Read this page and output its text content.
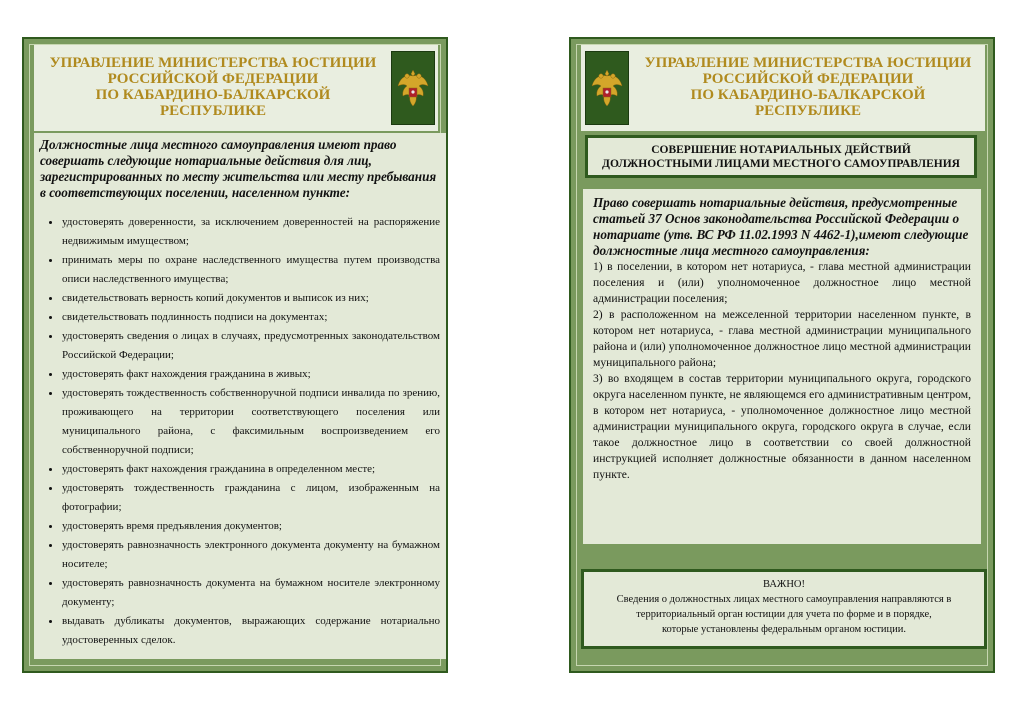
УПРАВЛЕНИЕ МИНИСТЕРСТВА ЮСТИЦИИ
РОССИЙСКОЙ ФЕДЕРАЦИИ
ПО КАБАРДИНО-БАЛКАРСКОЙ
РЕСПУБЛИКЕ

Должностные лица местного самоуправления имеют право совершать следующие нотариальные действия для лиц, зарегистрированных по месту жительства или месту пребывания в соответствующих поселении, населенном пункте:

• удостоверять доверенности, за исключением доверенностей на распоряжение недвижимым имуществом;
• принимать меры по охране наследственного имущества путем производства описи наследственного имущества;
• свидетельствовать верность копий документов и выписок из них;
• свидетельствовать подлинность подписи на документах;
• удостоверять сведения о лицах в случаях, предусмотренных законодательством Российской Федерации;
• удостоверять факт нахождения гражданина в живых;
• удостоверять тождественность собственноручной подписи инвалида по зрению, проживающего на территории соответствующего поселения или муниципального района, с факсимильным воспроизведением его собственноручной подписи;
• удостоверять факт нахождения гражданина в определенном месте;
• удостоверять тождественность гражданина с лицом, изображенным на фотографии;
• удостоверять время предъявления документов;
• удостоверять равнозначность электронного документа документу на бумажном носителе;
• удостоверять равнозначность документа на бумажном носителе электронному документу;
• выдавать дубликаты документов, выражающих содержание нотариально удостоверенных сделок.
УПРАВЛЕНИЕ МИНИСТЕРСТВА ЮСТИЦИИ
РОССИЙСКОЙ ФЕДЕРАЦИИ
ПО КАБАРДИНО-БАЛКАРСКОЙ
РЕСПУБЛИКЕ
СОВЕРШЕНИЕ НОТАРИАЛЬНЫХ ДЕЙСТВИЙ
ДОЛЖНОСТНЫМИ ЛИЦАМИ МЕСТНОГО САМОУПРАВЛЕНИЯ

Право совершать нотариальные действия, предусмотренные статьей 37 Основ законодательства Российской Федерации о нотариате (утв. ВС РФ 11.02.1993 N 4462-1),имеют следующие должностные лица местного самоуправления:

1) в поселении, в котором нет нотариуса, - глава местной администрации поселения и (или) уполномоченное должностное лицо местной администрации поселения;

2) в расположенном на межселенной территории населенном пункте, в котором нет нотариуса, - глава местной администрации муниципального района и (или) уполномоченное должностное лицо местной администрации муниципального района;

3) во входящем в состав территории муниципального округа, городского округа населенном пункте, не являющемся его административным центром, в котором нет нотариуса, - уполномоченное должностное лицо местной администрации муниципального округа, городского округа в случае, если такое должностное лицо в соответствии со своей должностной инструкцией исполняет должностные обязанности в данном населенном пункте.

ВАЖНО!
Сведения о должностных лицах местного самоуправления направляются в
территориальный орган юстиции для учета по форме и в порядке,
которые установлены федеральным органом юстиции.
